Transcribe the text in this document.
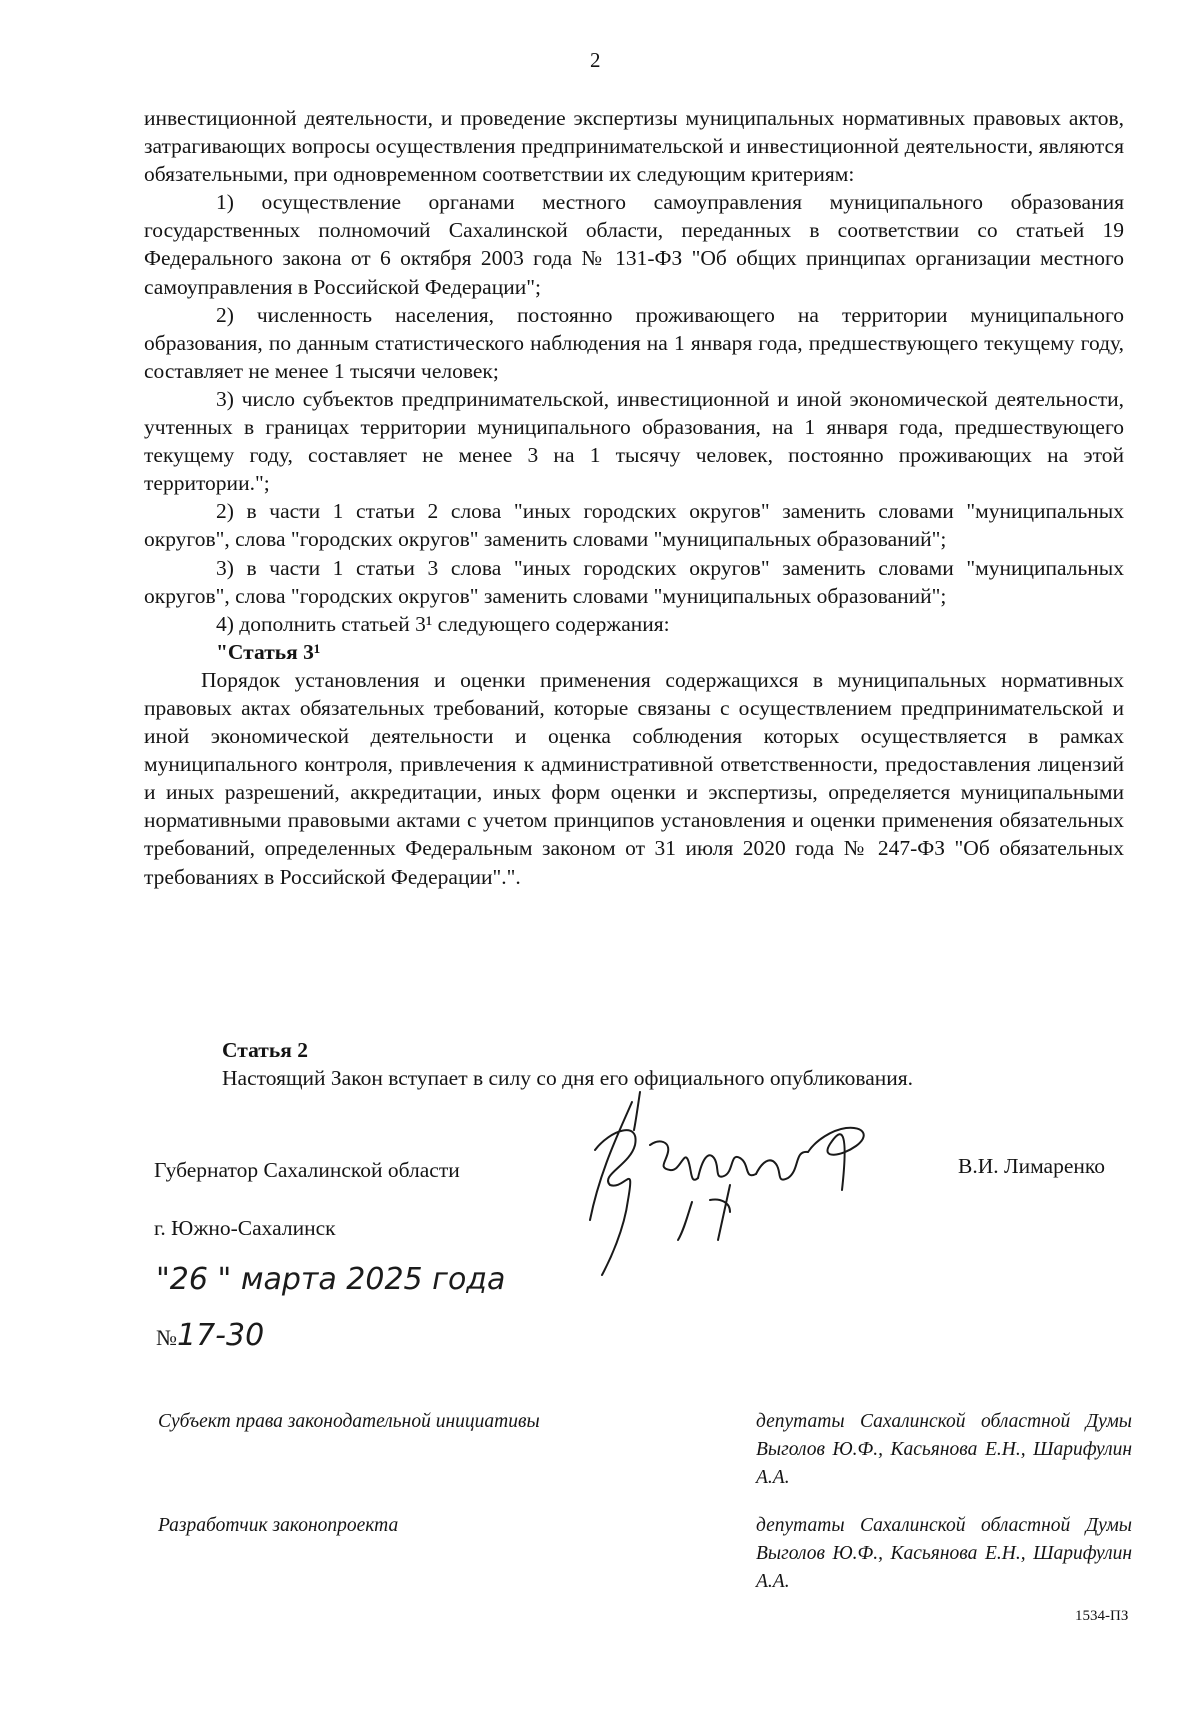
2

инвестиционной деятельности, и проведение экспертизы муниципальных нормативных правовых актов, затрагивающих вопросы осуществления предпринимательской и инвестиционной деятельности, являются обязательными, при одновременном соответствии их следующим критериям:

1) осуществление органами местного самоуправления муниципального образования государственных полномочий Сахалинской области, переданных в соответствии со статьей 19 Федерального закона от 6 октября 2003 года № 131-ФЗ "Об общих принципах организации местного самоуправления в Российской Федерации";

2) численность населения, постоянно проживающего на территории муниципального образования, по данным статистического наблюдения на 1 января года, предшествующего текущему году, составляет не менее 1 тысячи человек;

3) число субъектов предпринимательской, инвестиционной и иной экономической деятельности, учтенных в границах территории муниципального образования, на 1 января года, предшествующего текущему году, составляет не менее 3 на 1 тысячу человек, постоянно проживающих на этой территории.";

2) в части 1 статьи 2 слова "иных городских округов" заменить словами "муниципальных округов", слова "городских округов" заменить словами "муниципальных образований";

3) в части 1 статьи 3 слова "иных городских округов" заменить словами "муниципальных округов", слова "городских округов" заменить словами "муниципальных образований";

4) дополнить статьей 3¹ следующего содержания:

"Статья 3¹

Порядок установления и оценки применения содержащихся в муниципальных нормативных правовых актах обязательных требований, которые связаны с осуществлением предпринимательской и иной экономической деятельности и оценка соблюдения которых осуществляется в рамках муниципального контроля, привлечения к административной ответственности, предоставления лицензий и иных разрешений, аккредитации, иных форм оценки и экспертизы, определяется муниципальными нормативными правовыми актами с учетом принципов установления и оценки применения обязательных требований, определенных Федеральным законом от 31 июля 2020 года № 247-ФЗ "Об обязательных требованиях в Российской Федерации".".

Статья 2
Настоящий Закон вступает в силу со дня его официального опубликования.
Губернатор Сахалинской области	В.И. Лимаренко
г. Южно-Сахалинск
"26 " марта 2025 года
№17-30
Субъект права законодательной инициативы	депутаты Сахалинской областной Думы Выголов Ю.Ф., Касьянова Е.Н., Шарифулин А.А.
Разработчик законопроекта	депутаты Сахалинской областной Думы Выголов Ю.Ф., Касьянова Е.Н., Шарифулин А.А.
1534-ПЗ
